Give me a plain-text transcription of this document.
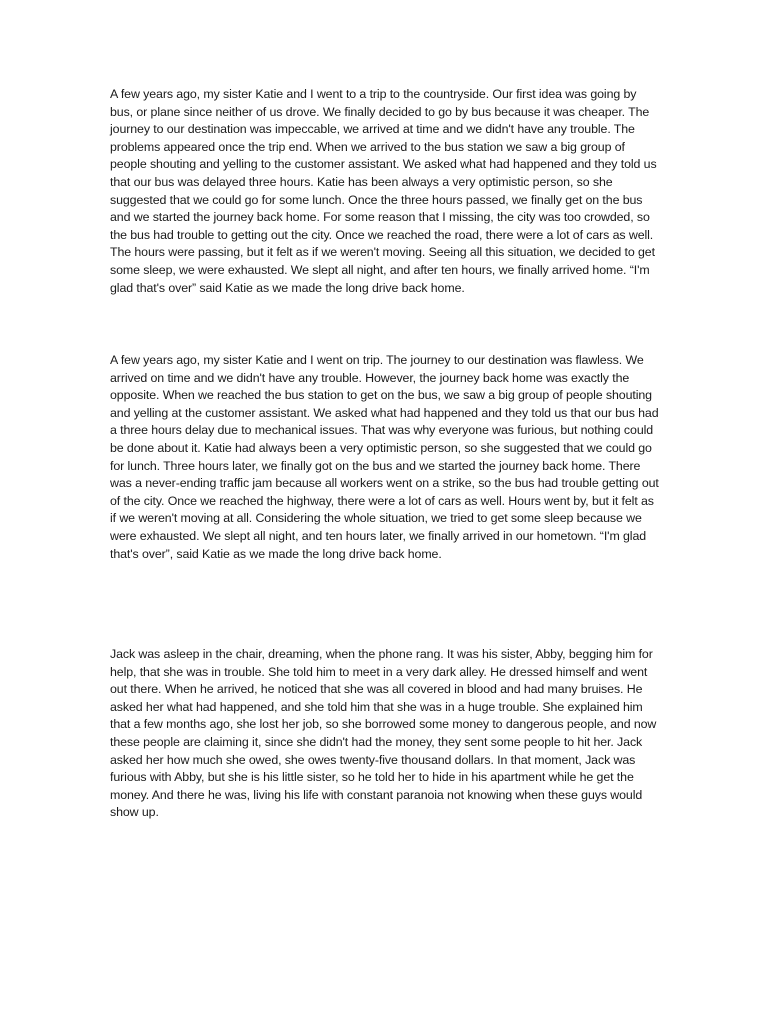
A few years ago, my sister Katie and I went to a trip to the countryside. Our first idea was going by bus, or plane since neither of us drove. We finally decided to go by bus because it was cheaper. The journey to our destination was impeccable, we arrived at time and we didn't have any trouble. The problems appeared once the trip end. When we arrived to the bus station we saw a big group of people shouting and yelling to the customer assistant. We asked what had happened and they told us that our bus was delayed three hours. Katie has been always a very optimistic person, so she suggested that we could go for some lunch. Once the three hours passed, we finally get on the bus and we started the journey back home. For some reason that I missing, the city was too crowded, so the bus had trouble to getting out the city. Once we reached the road, there were a lot of cars as well. The hours were passing, but it felt as if we weren't moving. Seeing all this situation, we decided to get some sleep, we were exhausted. We slept all night, and after ten hours, we finally arrived home. “I'm glad that's over” said Katie as we made the long drive back home.

A few years ago, my sister Katie and I went on trip. The journey to our destination was flawless. We arrived on time and we didn't have any trouble. However, the journey back home was exactly the opposite. When we reached the bus station to get on the bus, we saw a big group of people shouting and yelling at the customer assistant. We asked what had happened and they told us that our bus had a three hours delay due to mechanical issues. That was why everyone was furious, but nothing could be done about it. Katie had always been a very optimistic person, so she suggested that we could go for lunch. Three hours later, we finally got on the bus and we started the journey back home. There was a never-ending traffic jam because all workers went on a strike, so the bus had trouble getting out of the city. Once we reached the highway, there were a lot of cars as well. Hours went by, but it felt as if we weren't moving at all. Considering the whole situation, we tried to get some sleep because we were exhausted. We slept all night, and ten hours later, we finally arrived in our hometown. “I'm glad that's over”, said Katie as we made the long drive back home.

Jack was asleep in the chair, dreaming, when the phone rang. It was his sister, Abby, begging him for help, that she was in trouble. She told him to meet in a very dark alley. He dressed himself and went out there. When he arrived, he noticed that she was all covered in blood and had many bruises. He asked her what had happened, and she told him that she was in a huge trouble. She explained him that a few months ago, she lost her job, so she borrowed some money to dangerous people, and now these people are claiming it, since she didn't had the money, they sent some people to hit her. Jack asked her how much she owed, she owes twenty-five thousand dollars. In that moment, Jack was furious with Abby, but she is his little sister, so he told her to hide in his apartment while he get the money. And there he was, living his life with constant paranoia not knowing when these guys would show up.
